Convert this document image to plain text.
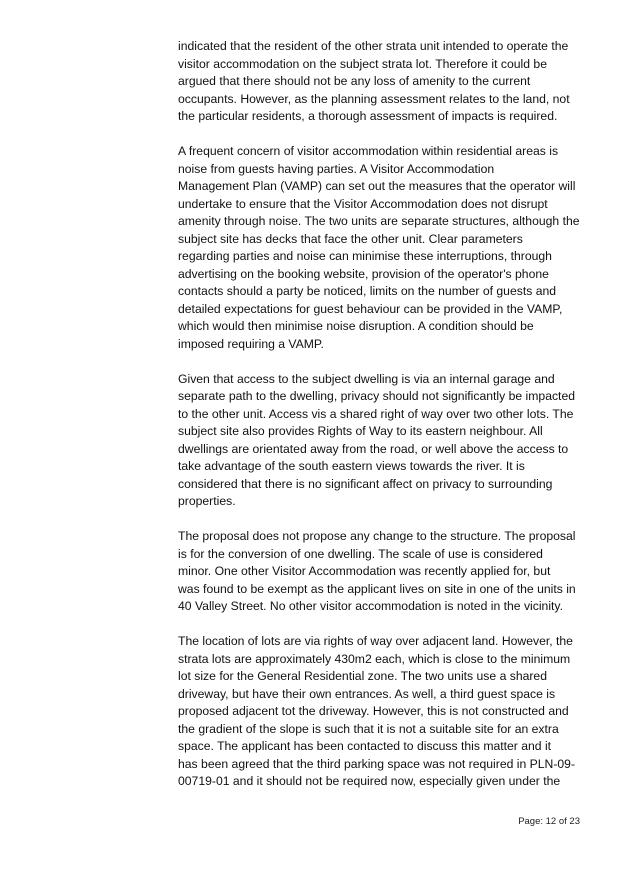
indicated that the resident of the other strata unit intended to operate the
visitor accommodation on the subject strata lot. Therefore it could be
argued that there should not be any loss of amenity to the current
occupants. However, as the planning assessment relates to the land, not
the particular residents, a thorough assessment of impacts is required.

A frequent concern of visitor accommodation within residential areas is
noise from guests having parties. A Visitor Accommodation
Management Plan (VAMP) can set out the measures that the operator will
undertake to ensure that the Visitor Accommodation does not disrupt
amenity through noise. The two units are separate structures, although the
subject site has decks that face the other unit. Clear parameters
regarding parties and noise can minimise these interruptions, through
advertising on the booking website, provision of the operator's phone
contacts should a party be noticed, limits on the number of guests and
detailed expectations for guest behaviour can be provided in the VAMP,
which would then minimise noise disruption. A condition should be
imposed requiring a VAMP.

Given that access to the subject dwelling is via an internal garage and
separate path to the dwelling, privacy should not significantly be impacted
to the other unit. Access vis a shared right of way over two other lots. The
subject site also provides Rights of Way to its eastern neighbour. All
dwellings are orientated away from the road, or well above the access to
take advantage of the south eastern views towards the river. It is
considered that there is no significant affect on privacy to surrounding
properties.

The proposal does not propose any change to the structure. The proposal
is for the conversion of one dwelling. The scale of use is considered
minor. One other Visitor Accommodation was recently applied for, but
was found to be exempt as the applicant lives on site in one of the units in
40 Valley Street. No other visitor accommodation is noted in the vicinity.

The location of lots are via rights of way over adjacent land. However, the
strata lots are approximately 430m2 each, which is close to the minimum
lot size for the General Residential zone. The two units use a shared
driveway, but have their own entrances. As well, a third guest space is
proposed adjacent tot the driveway. However, this is not constructed and
the gradient of the slope is such that it is not a suitable site for an extra
space. The applicant has been contacted to discuss this matter and it
has been agreed that the third parking space was not required in PLN-09-
00719-01 and it should not be required now, especially given under the

Page: 12 of 23
